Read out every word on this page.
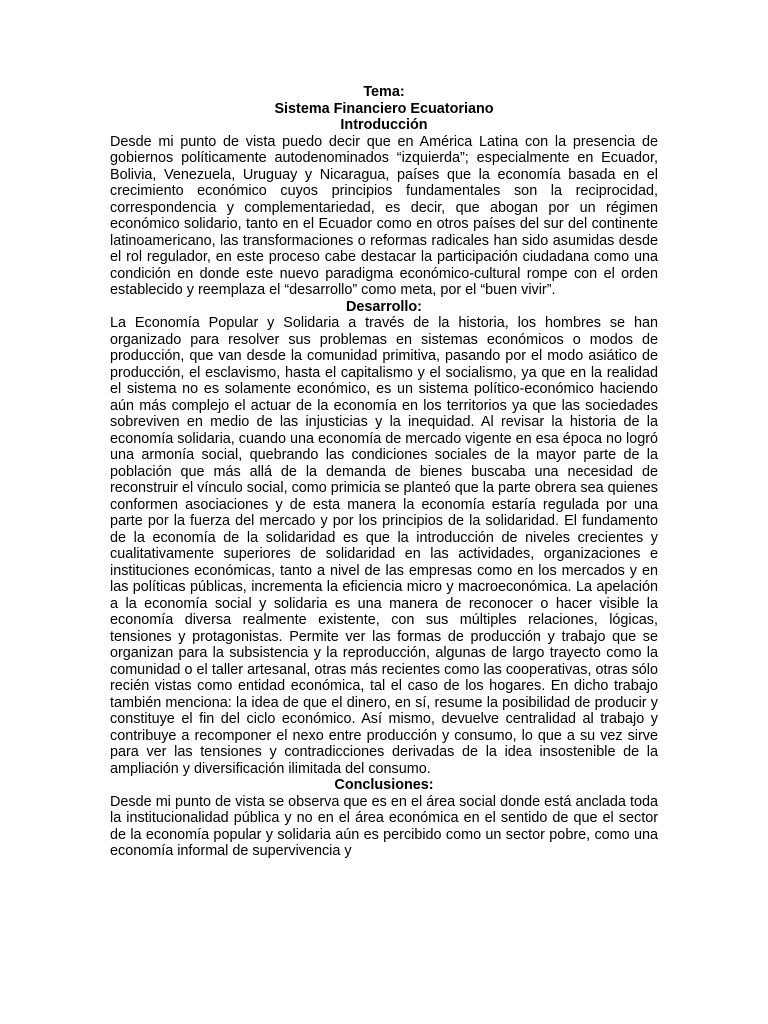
Tema:

Sistema Financiero Ecuatoriano

Introducción

Desde mi punto de vista puedo decir que en América Latina con la presencia de gobiernos políticamente autodenominados “izquierda”; especialmente en Ecuador, Bolivia, Venezuela, Uruguay y Nicaragua, países que la economía basada en el crecimiento económico cuyos principios fundamentales son la reciprocidad, correspondencia y complementariedad, es decir, que abogan por un régimen económico solidario, tanto en el Ecuador como en otros países del sur del continente latinoamericano, las transformaciones o reformas radicales han sido asumidas desde el rol regulador, en este proceso cabe destacar la participación ciudadana como una condición en donde este nuevo paradigma económico-cultural rompe con el orden establecido y reemplaza el “desarrollo” como meta, por el “buen vivir”.

Desarrollo:

La Economía Popular y Solidaria a través de la historia, los hombres se han organizado para resolver sus problemas en sistemas económicos o modos de producción, que van desde la comunidad primitiva, pasando por el modo asiático de producción, el esclavismo, hasta el capitalismo y el socialismo, ya que en la realidad el sistema no es solamente económico, es un sistema político-económico haciendo aún más complejo el actuar de la economía en los territorios ya que las sociedades sobreviven en medio de las injusticias y la inequidad. Al revisar la historia de la economía solidaria, cuando una economía de mercado vigente en esa época no logró una armonía social, quebrando las condiciones sociales de la mayor parte de la población que más allá de la demanda de bienes buscaba una necesidad de reconstruir el vínculo social, como primicia se planteó que la parte obrera sea quienes conformen asociaciones y de esta manera la economía estaría regulada por una parte por la fuerza del mercado y por los principios de la solidaridad. El fundamento de la economía de la solidaridad es que la introducción de niveles crecientes y cualitativamente superiores de solidaridad en las actividades, organizaciones e instituciones económicas, tanto a nivel de las empresas como en los mercados y en las políticas públicas, incrementa la eficiencia micro y macroeconómica. La apelación a la economía social y solidaria es una manera de reconocer o hacer visible la economía diversa realmente existente, con sus múltiples relaciones, lógicas, tensiones y protagonistas. Permite ver las formas de producción y trabajo que se organizan para la subsistencia y la reproducción, algunas de largo trayecto como la comunidad o el taller artesanal, otras más recientes como las cooperativas, otras sólo recién vistas como entidad económica, tal el caso de los hogares. En dicho trabajo también menciona: la idea de que el dinero, en sí, resume la posibilidad de producir y constituye el fin del ciclo económico. Así mismo, devuelve centralidad al trabajo y contribuye a recomponer el nexo entre producción y consumo, lo que a su vez sirve para ver las tensiones y contradicciones derivadas de la idea insostenible de la ampliación y diversificación ilimitada del consumo.

Conclusiones:

Desde mi punto de vista se observa que es en el área social donde está anclada toda la institucionalidad pública y no en el área económica en el sentido de que el sector de la economía popular y solidaria aún es percibido como un sector pobre, como una economía informal de supervivencia y
